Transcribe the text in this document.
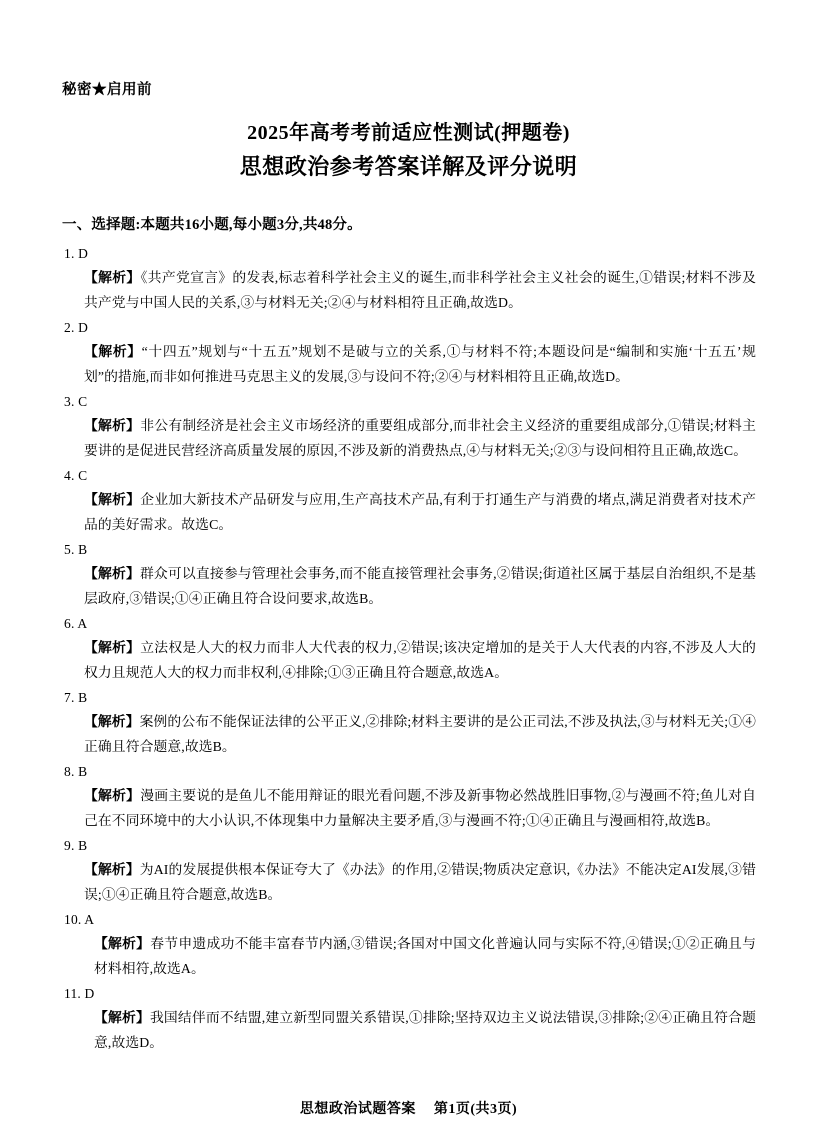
秘密★启用前
2025年高考考前适应性测试(押题卷)
思想政治参考答案详解及评分说明
一、选择题:本题共16小题,每小题3分,共48分。
1. D
【解析】《共产党宣言》的发表,标志着科学社会主义的诞生,而非科学社会主义社会的诞生,①错误;材料不涉及共产党与中国人民的关系,③与材料无关;②④与材料相符且正确,故选D。
2. D
【解析】“十四五”规划与“十五五”规划不是破与立的关系,①与材料不符;本题设问是“编制和实施‘十五五’规划”的措施,而非如何推进马克思主义的发展,③与设问不符;②④与材料相符且正确,故选D。
3. C
【解析】非公有制经济是社会主义市场经济的重要组成部分,而非社会主义经济的重要组成部分,①错误;材料主要讲的是促进民营经济高质量发展的原因,不涉及新的消费热点,④与材料无关;②③与设问相符且正确,故选C。
4. C
【解析】企业加大新技术产品研发与应用,生产高技术产品,有利于打通生产与消费的堵点,满足消费者对技术产品的美好需求。故选C。
5. B
【解析】群众可以直接参与管理社会事务,而不能直接管理社会事务,②错误;街道社区属于基层自治组织,不是基层政府,③错误;①④正确且符合设问要求,故选B。
6. A
【解析】立法权是人大的权力而非人大代表的权力,②错误;该决定增加的是关于人大代表的内容,不涉及人大的权力且规范人大的权力而非权利,④排除;①③正确且符合题意,故选A。
7. B
【解析】案例的公布不能保证法律的公平正义,②排除;材料主要讲的是公正司法,不涉及执法,③与材料无关;①④正确且符合题意,故选B。
8. B
【解析】漫画主要说的是鱼儿不能用辩证的眼光看问题,不涉及新事物必然战胜旧事物,②与漫画不符;鱼儿对自己在不同环境中的大小认识,不体现集中力量解决主要矛盾,③与漫画不符;①④正确且与漫画相符,故选B。
9. B
【解析】为AI的发展提供根本保证夸大了《办法》的作用,②错误;物质决定意识,《办法》不能决定AI发展,③错误;①④正确且符合题意,故选B。
10. A
【解析】春节申遗成功不能丰富春节内涵,③错误;各国对中国文化普遍认同与实际不符,④错误;①②正确且与材料相符,故选A。
11. D
【解析】我国结伴而不结盟,建立新型同盟关系错误,①排除;坚持双边主义说法错误,③排除;②④正确且符合题意,故选D。
思想政治试题答案 第1页(共3页)
